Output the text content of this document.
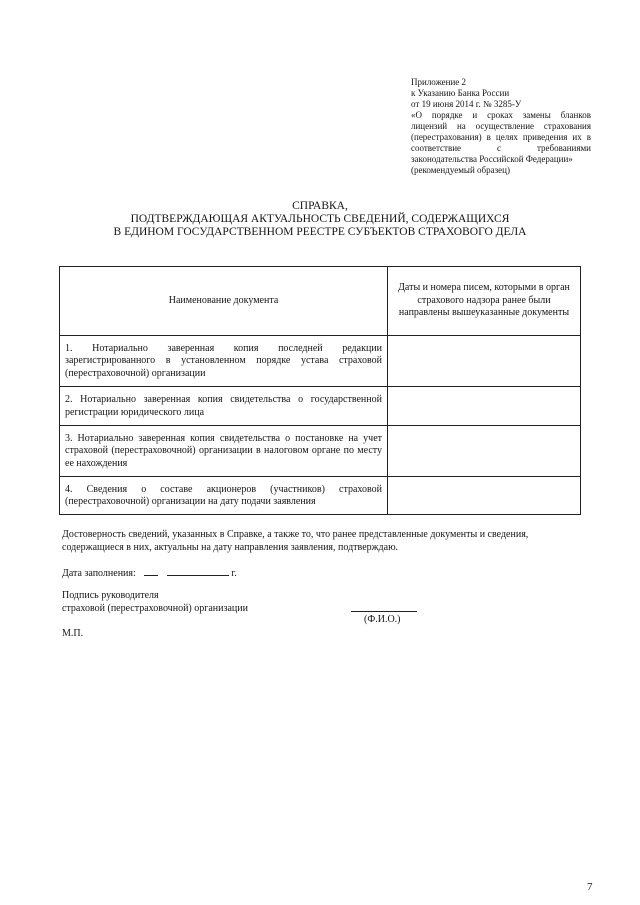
Приложение 2
к Указанию Банка России
от 19 июня 2014 г. № 3285-У
«О порядке и сроках замены бланков лицензий на осуществление страхования (перестрахования) в целях приведения их в соответствие с требованиями законодательства Российской Федерации»
(рекомендуемый образец)
СПРАВКА,
ПОДТВЕРЖДАЮЩАЯ АКТУАЛЬНОСТЬ СВЕДЕНИЙ, СОДЕРЖАЩИХСЯ
В ЕДИНОМ ГОСУДАРСТВЕННОМ РЕЕСТРЕ СУБЪЕКТОВ СТРАХОВОГО ДЕЛА
Наименование документа	Даты и номера писем, которыми в орган страхового надзора ранее были направлены вышеуказанные документы
1. Нотариально заверенная копия последней редакции зарегистрированного в установленном порядке устава страховой (перестраховочной) организации	
2. Нотариально заверенная копия свидетельства о государственной регистрации юридического лица	
3. Нотариально заверенная копия свидетельства о постановке на учет страховой (перестраховочной) организации в налоговом органе по месту ее нахождения	
4. Сведения о составе акционеров (участников) страховой (перестраховочной) организации на дату подачи заявления	
Достоверность сведений, указанных в Справке, а также то, что ранее представленные документы и сведения, содержащиеся в них, актуальны на дату направления заявления, подтверждаю.
Дата заполнения:	г.
Подпись руководителя
страховой (перестраховочной) организации
(Ф.И.О.)
М.П.
7
